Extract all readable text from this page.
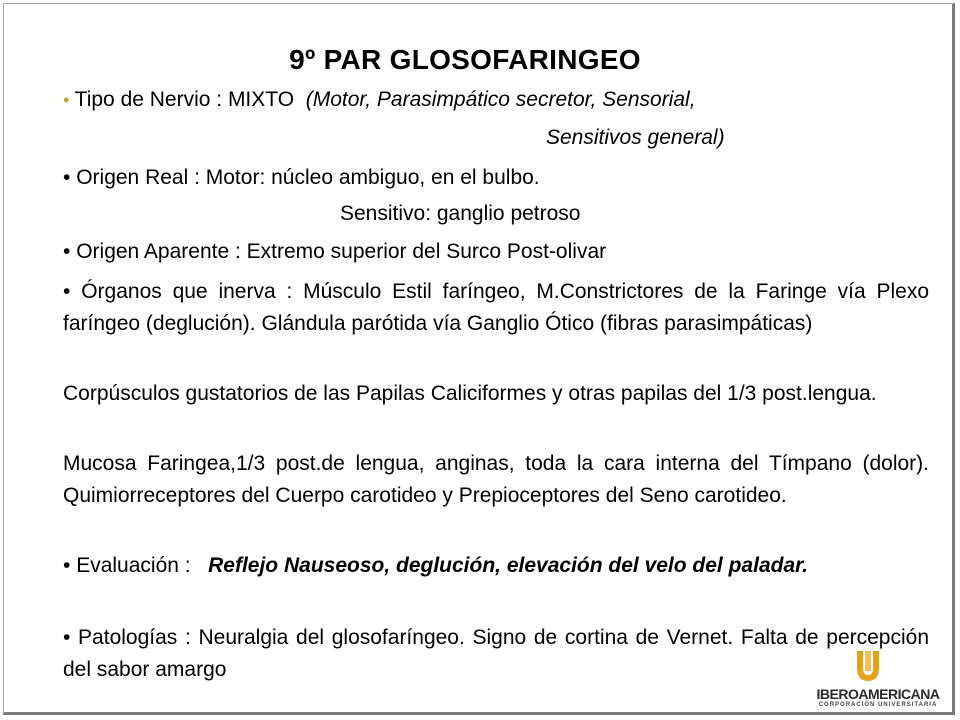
9º PAR GLOSOFARINGEO
● Tipo de Nervio : MIXTO (Motor, Parasimpático secretor, Sensorial,
Sensitivos general)
• Origen Real : Motor: núcleo ambiguo, en el bulbo.
Sensitivo: ganglio petroso
• Origen Aparente : Extremo superior del Surco Post-olivar
• Órganos que inerva : Músculo Estil faríngeo, M.Constrictores de la Faringe vía Plexo faríngeo (deglución). Glándula parótida vía Ganglio Ótico (fibras parasimpáticas)
Corpúsculos gustatorios de las Papilas Caliciformes y otras papilas del 1/3 post.lengua.
Mucosa Faringea,1/3 post.de lengua, anginas, toda la cara interna del Tímpano (dolor). Quimiorreceptores del Cuerpo carotideo y Prepioceptores del Seno carotideo.
• Evaluación : Reflejo Nauseoso, deglución, elevación del velo del paladar.
• Patologías : Neuralgia del glosofaríngeo. Signo de cortina de Vernet. Falta de percepción del sabor amargo
IBEROAMERICANA
CORPORACIÓN UNIVERSITARIA
